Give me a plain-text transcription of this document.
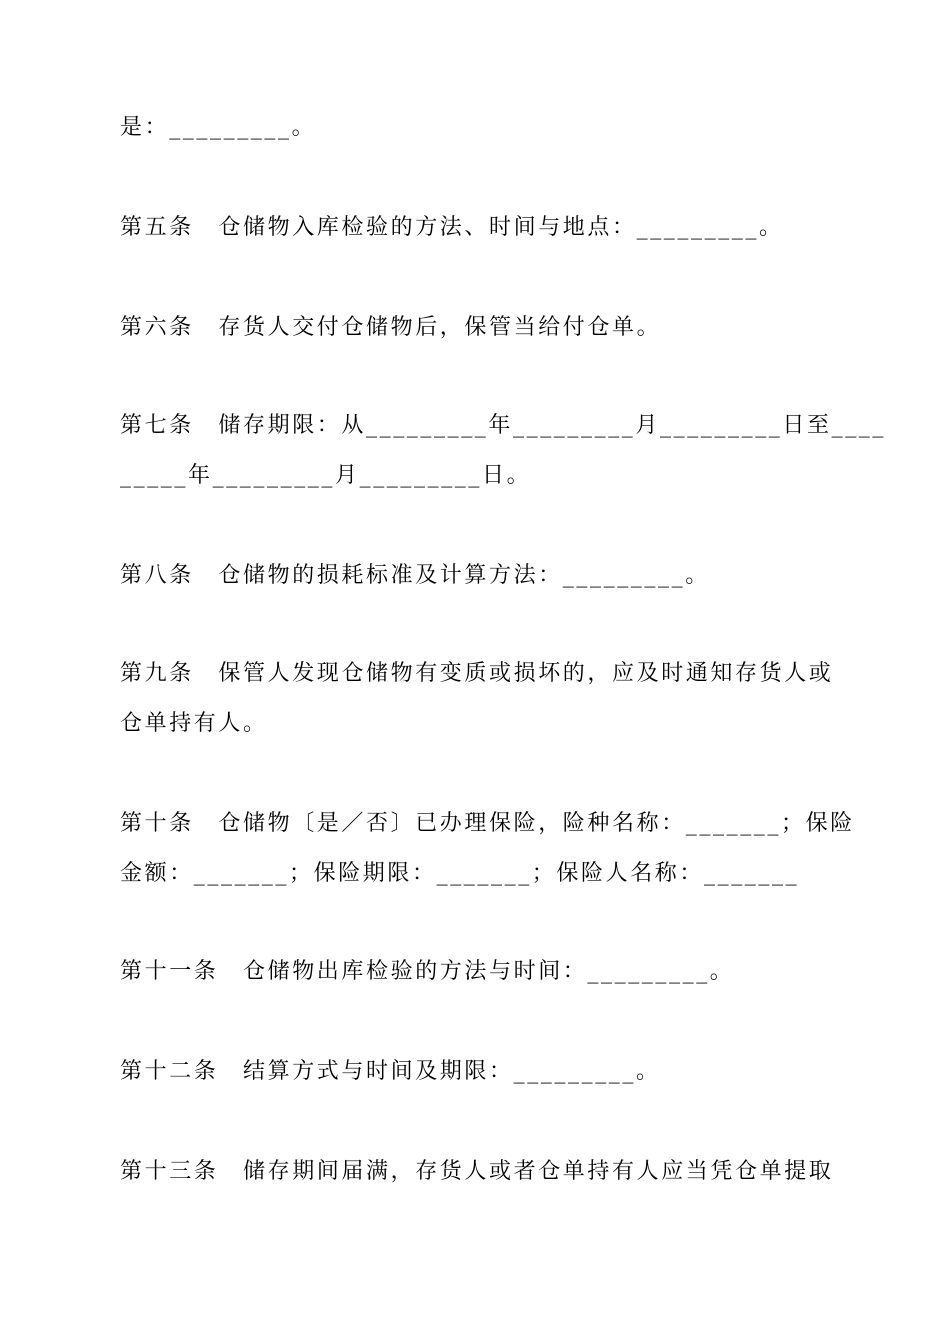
是：_________。
第五条　仓储物入库检验的方法、时间与地点：_________。
第六条　存货人交付仓储物后，保管当给付仓单。
第七条　储存期限：从_________年_________月_________日至____
_____年_________月_________日。
第八条　仓储物的损耗标准及计算方法：_________。
第九条　保管人发现仓储物有变质或损坏的，应及时通知存货人或
仓单持有人。
第十条　仓储物〔是／否〕已办理保险，险种名称：_______；保险
金额：_______；保险期限：_______；保险人名称：_______
第十一条　仓储物出库检验的方法与时间：_________。
第十二条　结算方式与时间及期限：_________。
第十三条　储存期间届满，存货人或者仓单持有人应当凭仓单提取
